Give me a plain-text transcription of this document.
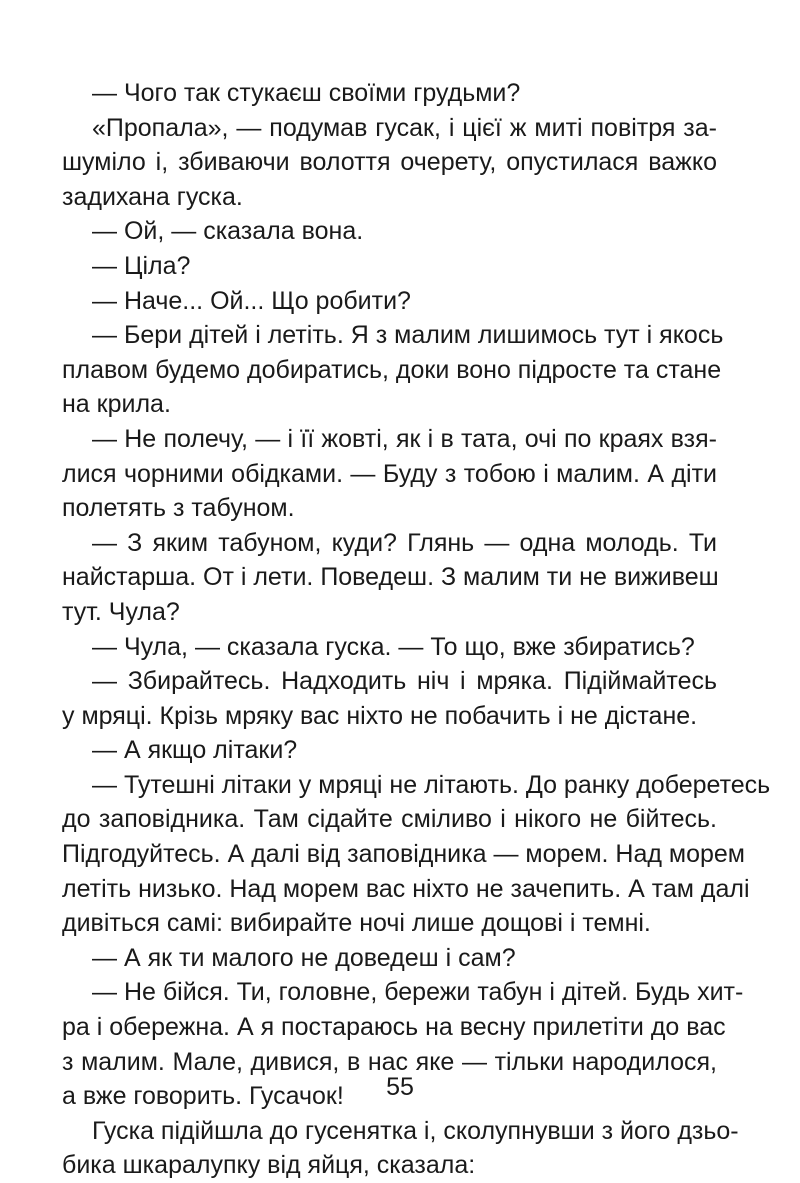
— Чого так стукаєш своїми грудьми?

«Пропала», — подумав гусак, і цієї ж миті повітря за-

шуміло і, збиваючи волоття очерету, опустилася важко

задихана гуска.

— Ой, — сказала вона.

— Ціла?

— Наче... Ой... Що робити?

— Бери дітей і летіть. Я з малим лишимось тут і якось

плавом будемо добиратись, доки воно підросте та стане

на крила.

— Не полечу, — і її жовті, як і в тата, очі по краях взя-

лися чорними обідками. — Буду з тобою і малим. А діти

полетять з табуном.

— З яким табуном, куди? Глянь — одна молодь. Ти

найстарша. От і лети. Поведеш. З малим ти не виживеш

тут. Чула?

— Чула, — сказала гуска. — То що, вже збиратись?

— Збирайтесь. Надходить ніч і мряка. Підіймайтесь

у мряці. Крізь мряку вас ніхто не побачить і не дістане.

— А якщо літаки?

— Тутешні літаки у мряці не літають. До ранку доберетесь

до заповідника. Там сідайте сміливо і нікого не бійтесь.

Підгодуйтесь. А далі від заповідника — морем. Над морем

летіть низько. Над морем вас ніхто не зачепить. А там далі

дивіться самі: вибирайте ночі лише дощові і темні.

— А як ти малого не доведеш і сам?

— Не бійся. Ти, головне, бережи табун і дітей. Будь хит-

ра і обережна. А я постараюсь на весну прилетіти до вас

з малим. Мале, дивися, в нас яке — тільки народилося,

а вже говорить. Гусачок!

Гуска підійшла до гусенятка і, сколупнувши з його дзьо-

бика шкаралупку від яйця, сказала:

55
